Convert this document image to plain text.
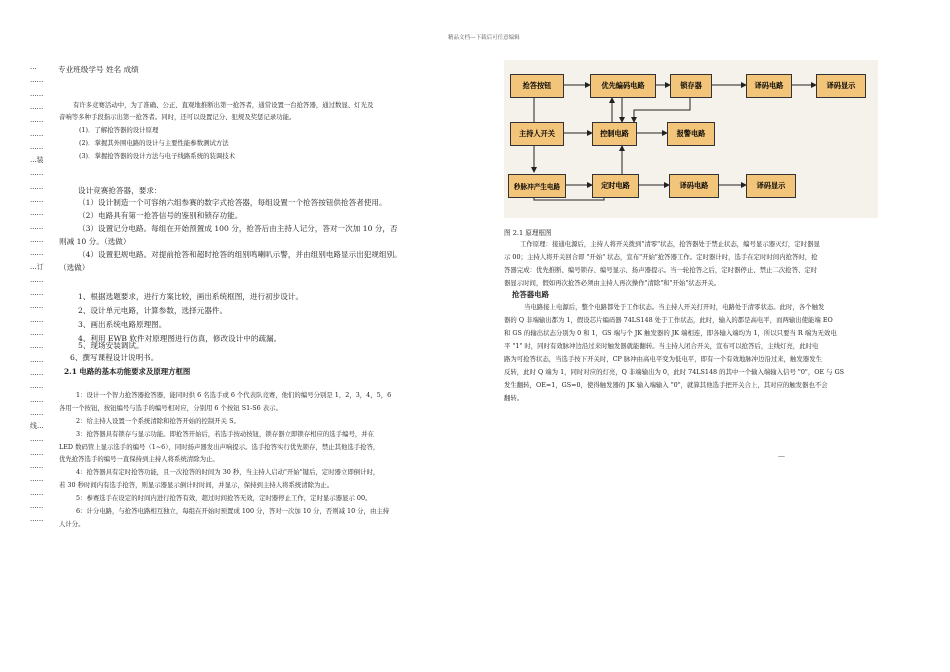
精品文档---下载后可任意编辑
...
......
......
......
......
......
......
...装
......
......
......
......
......
......
......
...订
......
......
......
......
......
......
......
......
......
......
......
线...
......
......
......
......
......
......
......
专业班级学号 姓名 成绩
有许多竞赛活动中，为了准确、公正、直观地推断出第一抢答者，通常设置一台抢答器，通过数显、灯光及
音响等多种手段指示出第一抢答者。同时，还可以设置记分、犯规及奖惩记录功能。
(1)．了解抢答器的设计原理
(2)．掌握其外围电路的设计与主要性能参数测试方法
(3)．掌握抢答器的设计方法与电子线路系统的装调技术
设计竞赛抢答器，要求：
（1）设计制造一个可容纳六组参赛的数字式抢答器，每组设置一个抢答按钮供抢答者使用。
（2）电路具有第一抢答信号的鉴别和锁存功能。
（3）设置记分电路。每组在开始预置成 100 分，抢答后由主持人记分，答对一次加 10 分，否
则减 10 分。（选做）
（4）设置犯规电路。对提前抢答和超时抢答的组别鸣喇叭示警，并由组别电路显示出犯规组别。
（选做）
1、根据选题要求，进行方案比较，画出系统框图，进行初步设计。
2、设计单元电路，计算参数，选择元器件。
3、画出系统电路原理图。
4、利用 EWB 软件对原理图进行仿真，修改设计中的疏漏。
5、现场安装调试。
6、撰写课程设计说明书。
2.1 电路的基本功能要求及原理方框图
1：设计一个智力抢答器抢答器，能同时供 6 名选手或 6 个代表队竞赛，他们的编号分别是 1，2，3，4，5，6
各用一个按钮，按钮编号与选手的编号相对应，分别用 6 个按钮 S1-S6 表示。
2：给主持人设置一个系统清除和抢答开始的控制开关 S。
3：抢答器具有锁存与显示功能。即抢答开始后，若选手按动按钮，锁存器立即锁存相应的选手编号，并在
LED 数码管上显示选手的编号（1~6），同时扬声器发出声响提示。选手抢答实行优先锁存，禁止其他选手抢答，
优先抢答选手的编号一直保持到主持人将系统清除为止。
4：抢答器具有定时抢答功能，且一次抢答的时间为 30 秒，当主持人启动"开始"键后，定时器立即倒计时，
若 30 秒时间内有选手抢答，则显示器显示倒计时时间，并显示，保持到主持人将系统清除为止。
5：参赛选手在设定的时间内进行抢答有效，超过时间抢答无效，定时器停止工作，定时显示器显示 00。
6：计分电路，与抢答电路相互独立，每组在开始时预置成 100 分，答对一次加 10 分，否则减 10 分，由主持
人计分。
抢答按钮	优先编码电路	锁存器	译码电路	译码显示
主持人开关	控制电路	报警电路
秒脉冲产生电路	定时电路	译码电路	译码显示
图 2.1 原理框图
工作原理：接通电源后，主持人将开关拨到"清零"状态，抢答器处于禁止状态，编号显示器灭灯，定时器显
示 00；主持人将开关回合即 "开始" 状态，宣布"开始"抢答器工作。定时器计时，选手在定时时间内抢答时，抢
答器完成：优先推断、编号锁存、编号显示、扬声器提示。当一轮抢答之后，定时器停止、禁止二次抢答、定时
器显示时间，假如再次抢答必须由主持人再次操作"清除"和"开始"状态开关。
抢答器电路
当电路接上电源后，整个电路都处于工作状态。当主持人开关打开时，电路处于清零状态。此时，各个触发
器的 Q 非端输出都为 1，假设芯片编码器 74LS148 处于工作状态，此时，输入的都是高电平，而两输出使能端 EO
和 GS 的输出状态分别为 0 和 1，GS 端与个 JK 触发器的 JK 端相连，即各输入端均为 1，所以只要当 R 端为无效电
平 "1" 时，同时有效脉冲边沿过来时触发器就能翻转。当主持人闭合开关，宣布可以抢答后，主线灯亮，此时电
路为可抢答状态，当选手按下开关时，CP 脉冲由高电平变为低电平，即有一个有效地脉冲边沿过来，触发器发生
反转，此时 Q 端为 1，同时对应的灯亮，Q 非端输出为 0，此时 74LS148 的其中一个输入端输入信号 "0"，OE 与 GS
发生翻转，OE=1，GS=0，使得触发器的 JK 输入端输入 "0"，就算其他选手把开关合上，其对应的触发器也不会
翻转。
—
